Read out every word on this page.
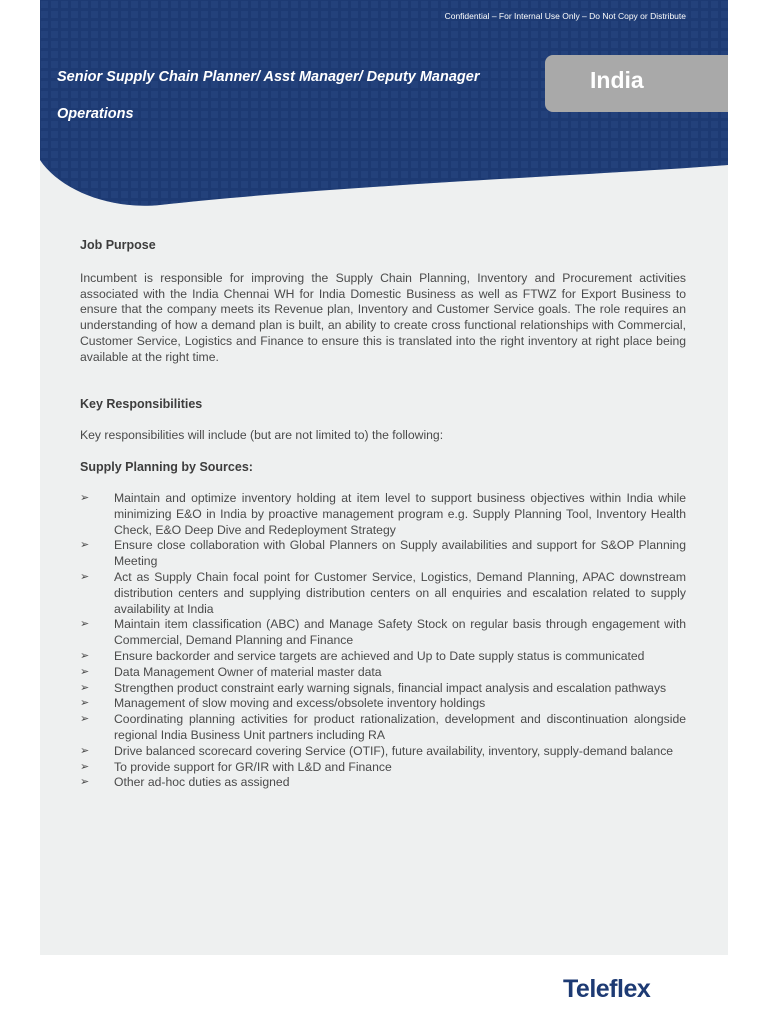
Confidential – For Internal Use Only – Do Not Copy or Distribute
Senior Supply Chain Planner/ Asst Manager/ Deputy Manager
Operations
India
Job Purpose

Incumbent is responsible for improving the Supply Chain Planning, Inventory and Procurement activities associated with the India Chennai WH for India Domestic Business as well as FTWZ for Export Business to ensure that the company meets its Revenue plan, Inventory and Customer Service goals. The role requires an understanding of how a demand plan is built, an ability to create cross functional relationships with Commercial, Customer Service, Logistics and Finance to ensure this is translated into the right inventory at right place being available at the right time.

Key Responsibilities

Key responsibilities will include (but are not limited to) the following:

Supply Planning by Sources:

➢ Maintain and optimize inventory holding at item level to support business objectives within India while minimizing E&O in India by proactive management program e.g. Supply Planning Tool, Inventory Health Check, E&O Deep Dive and Redeployment Strategy
➢ Ensure close collaboration with Global Planners on Supply availabilities and support for S&OP Planning Meeting
➢ Act as Supply Chain focal point for Customer Service, Logistics, Demand Planning, APAC downstream distribution centers and supplying distribution centers on all enquiries and escalation related to supply availability at India
➢ Maintain item classification (ABC) and Manage Safety Stock on regular basis through engagement with Commercial, Demand Planning and Finance
➢ Ensure backorder and service targets are achieved and Up to Date supply status is communicated
➢ Data Management Owner of material master data
➢ Strengthen product constraint early warning signals, financial impact analysis and escalation pathways
➢ Management of slow moving and excess/obsolete inventory holdings
➢ Coordinating planning activities for product rationalization, development and discontinuation alongside regional India Business Unit partners including RA
➢ Drive balanced scorecard covering Service (OTIF), future availability, inventory, supply-demand balance
➢ To provide support for GR/IR with L&D and Finance
➢ Other ad-hoc duties as assigned
Teleflex
